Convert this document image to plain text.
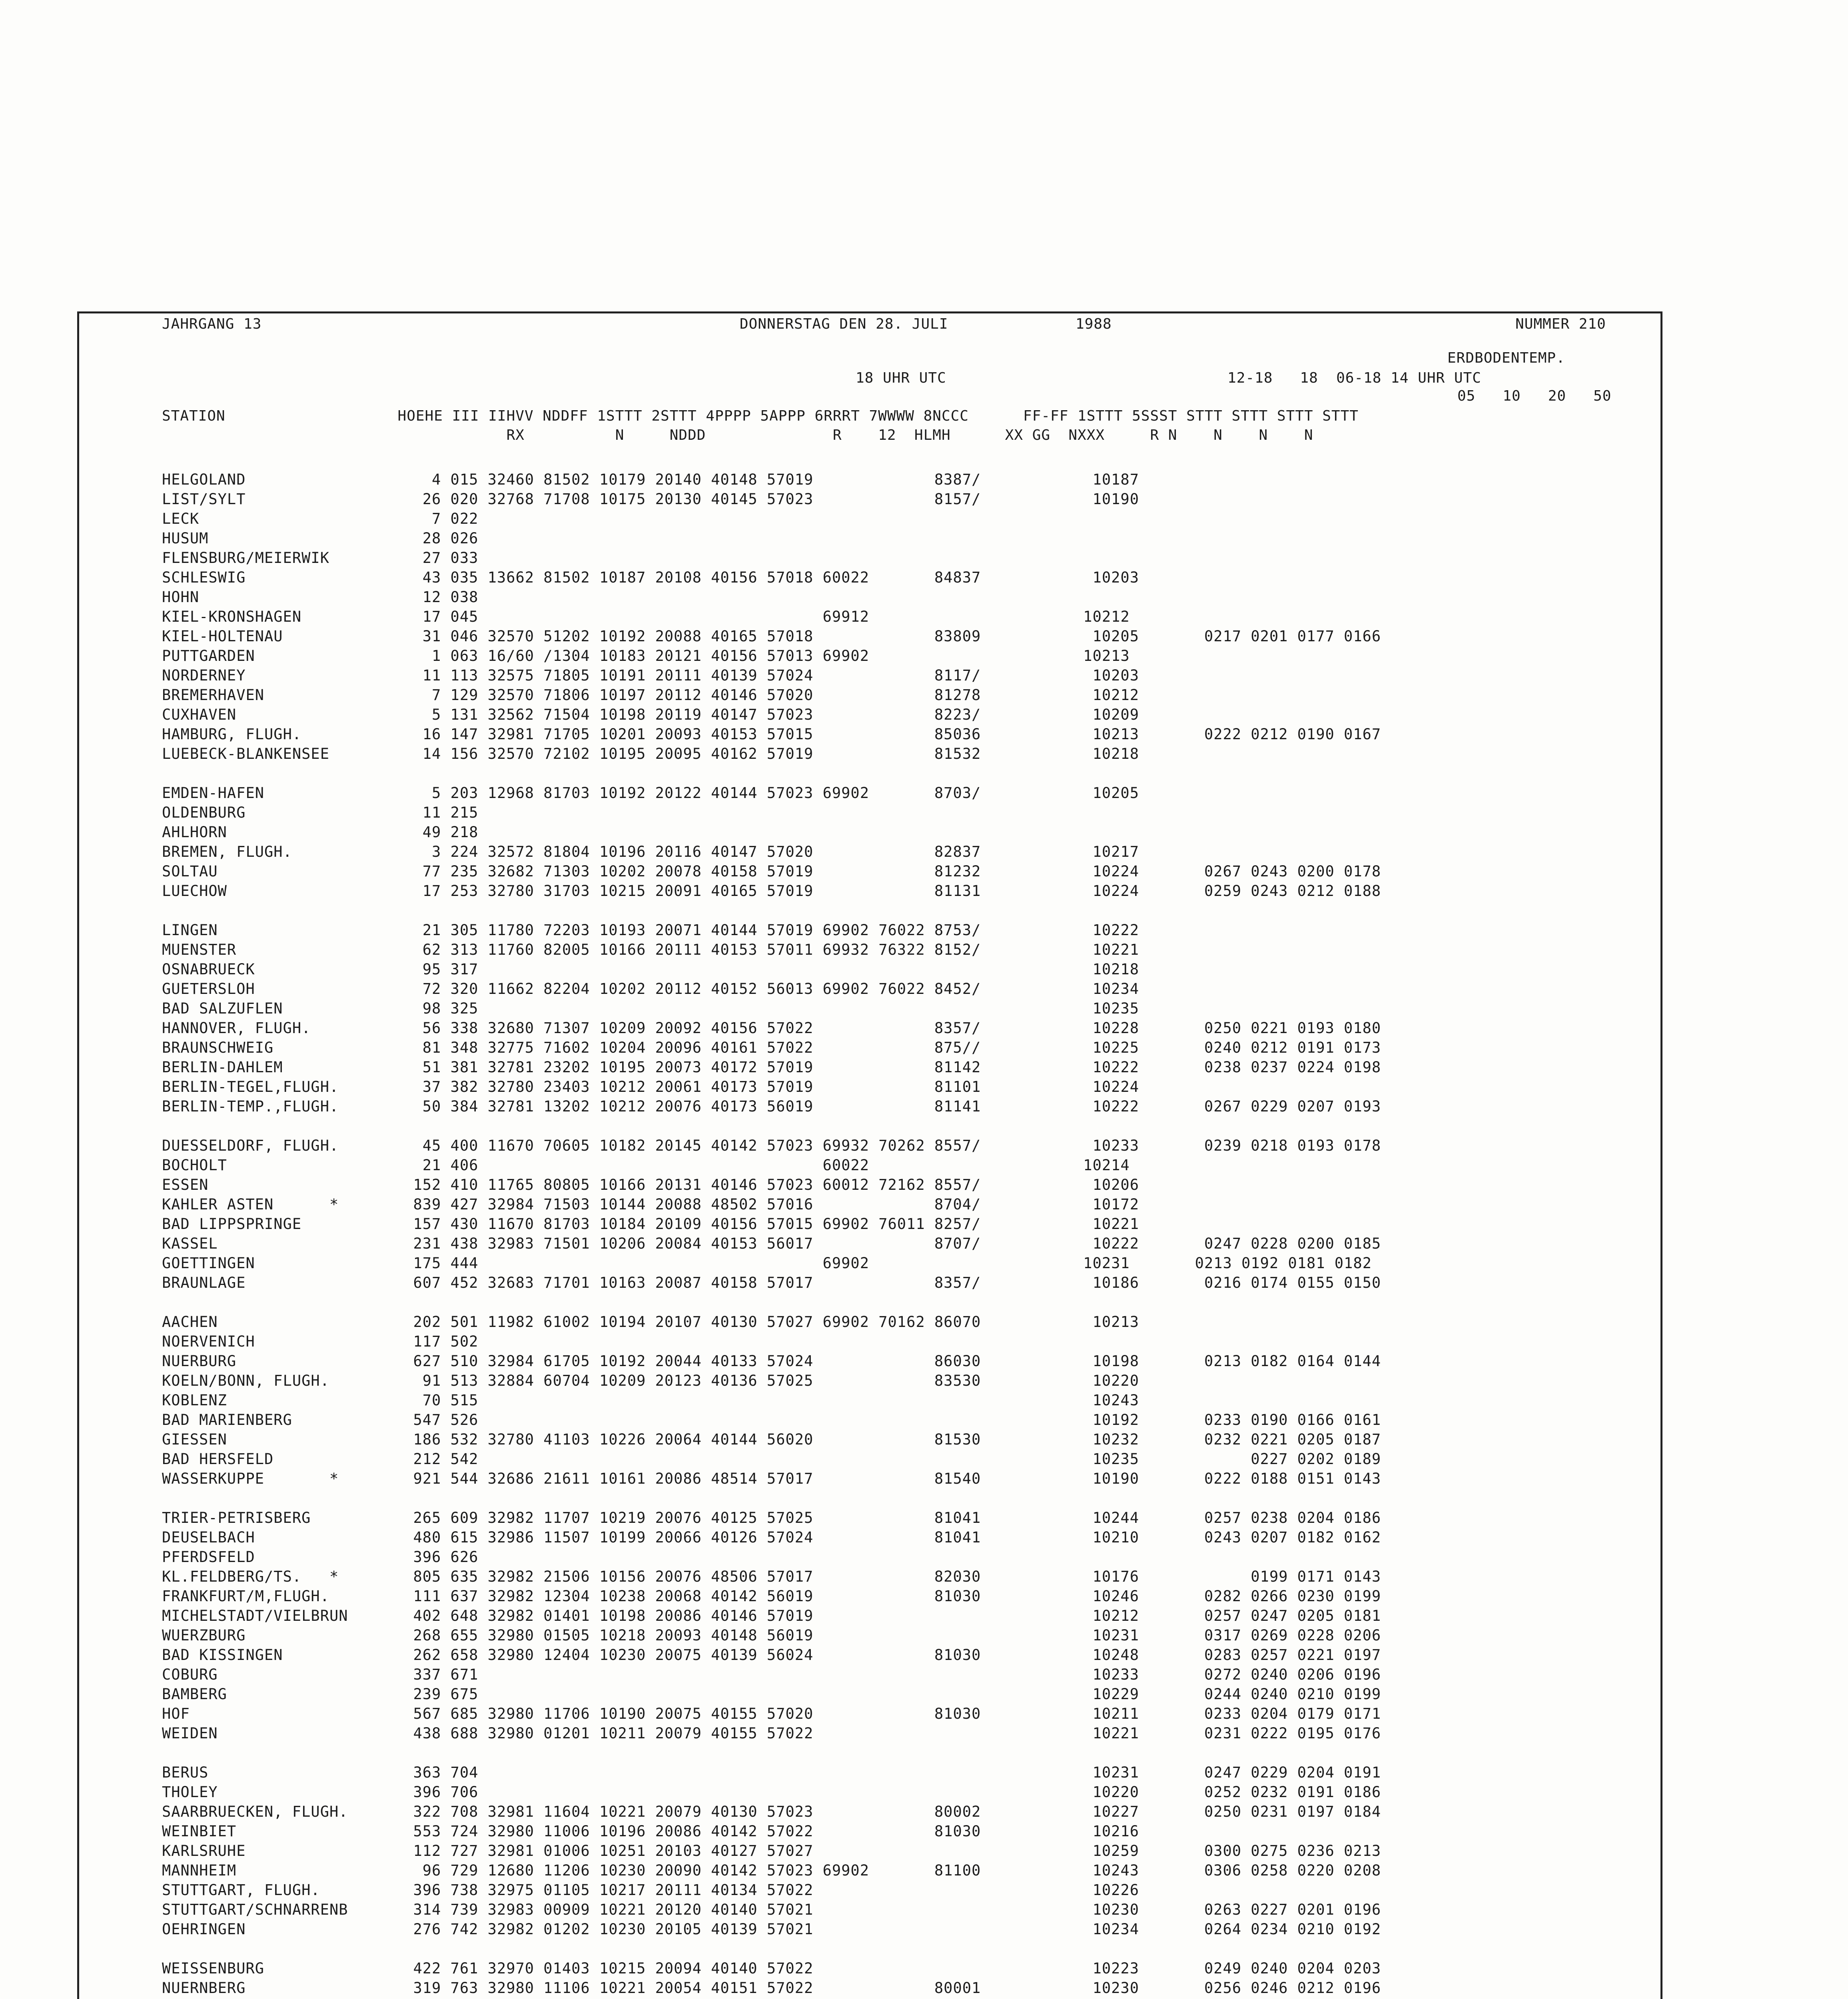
JAHRGANG 13	DONNERSTAG DEN 28. JULI	1988	NUMMER 210
ERDBODENTEMP.
18 UHR UTC	12-18   18  06-18 14 UHR UTC
05   10   20   50
STATION                   HOEHE III IIHVV NDDFF 1STTT 2STTT 4PPPP 5APPP 6RRRT 7WWWW 8NCCC      FF-FF 1STTT 5SSST STTT STTT STTT STTT
RX          N     NDDD              R    12  HLMH      XX GG  NXXX     R N    N    N    N
HELGOLAND                    4 015 32460 81502 10179 20140 40148 57019             8387/            10187
LIST/SYLT                   26 020 32768 71708 10175 20130 40145 57023             8157/            10190
LECK                         7 022
HUSUM                       28 026
FLENSBURG/MEIERWIK          27 033
SCHLESWIG                   43 035 13662 81502 10187 20108 40156 57018 60022       84837            10203
HOHN                        12 038
KIEL-KRONSHAGEN             17 045                                     69912                       10212
KIEL-HOLTENAU               31 046 32570 51202 10192 20088 40165 57018             83809            10205       0217 0201 0177 0166
PUTTGARDEN                   1 063 16/60 /1304 10183 20121 40156 57013 69902                       10213
NORDERNEY                   11 113 32575 71805 10191 20111 40139 57024             8117/            10203
BREMERHAVEN                  7 129 32570 71806 10197 20112 40146 57020             81278            10212
CUXHAVEN                     5 131 32562 71504 10198 20119 40147 57023             8223/            10209
HAMBURG, FLUGH.             16 147 32981 71705 10201 20093 40153 57015             85036            10213       0222 0212 0190 0167
LUEBECK-BLANKENSEE          14 156 32570 72102 10195 20095 40162 57019             81532            10218
EMDEN-HAFEN                  5 203 12968 81703 10192 20122 40144 57023 69902       8703/            10205
OLDENBURG                   11 215
AHLHORN                     49 218
BREMEN, FLUGH.               3 224 32572 81804 10196 20116 40147 57020             82837            10217
SOLTAU                      77 235 32682 71303 10202 20078 40158 57019             81232            10224       0267 0243 0200 0178
LUECHOW                     17 253 32780 31703 10215 20091 40165 57019             81131            10224       0259 0243 0212 0188
LINGEN                      21 305 11780 72203 10193 20071 40144 57019 69902 76022 8753/            10222
MUENSTER                    62 313 11760 82005 10166 20111 40153 57011 69932 76322 8152/            10221
OSNABRUECK                  95 317                                                                  10218
GUETERSLOH                  72 320 11662 82204 10202 20112 40152 56013 69902 76022 8452/            10234
BAD SALZUFLEN               98 325                                                                  10235
HANNOVER, FLUGH.            56 338 32680 71307 10209 20092 40156 57022             8357/            10228       0250 0221 0193 0180
BRAUNSCHWEIG                81 348 32775 71602 10204 20096 40161 57022             875//            10225       0240 0212 0191 0173
BERLIN-DAHLEM               51 381 32781 23202 10195 20073 40172 57019             81142            10222       0238 0237 0224 0198
BERLIN-TEGEL,FLUGH.         37 382 32780 23403 10212 20061 40173 57019             81101            10224
BERLIN-TEMP.,FLUGH.         50 384 32781 13202 10212 20076 40173 56019             81141            10222       0267 0229 0207 0193
DUESSELDORF, FLUGH.         45 400 11670 70605 10182 20145 40142 57023 69932 70262 8557/            10233       0239 0218 0193 0178
BOCHOLT                     21 406                                     60022                       10214
ESSEN                      152 410 11765 80805 10166 20131 40146 57023 60012 72162 8557/            10206
KAHLER ASTEN      *        839 427 32984 71503 10144 20088 48502 57016             8704/            10172
BAD LIPPSPRINGE            157 430 11670 81703 10184 20109 40156 57015 69902 76011 8257/            10221
KASSEL                     231 438 32983 71501 10206 20084 40153 56017             8707/            10222       0247 0228 0200 0185
GOETTINGEN                 175 444                                     69902                       10231       0213 0192 0181 0182
BRAUNLAGE                  607 452 32683 71701 10163 20087 40158 57017             8357/            10186       0216 0174 0155 0150
AACHEN                     202 501 11982 61002 10194 20107 40130 57027 69902 70162 86070            10213
NOERVENICH                 117 502
NUERBURG                   627 510 32984 61705 10192 20044 40133 57024             86030            10198       0213 0182 0164 0144
KOELN/BONN, FLUGH.          91 513 32884 60704 10209 20123 40136 57025             83530            10220
KOBLENZ                     70 515                                                                  10243
BAD MARIENBERG             547 526                                                                  10192       0233 0190 0166 0161
GIESSEN                    186 532 32780 41103 10226 20064 40144 56020             81530            10232       0232 0221 0205 0187
BAD HERSFELD               212 542                                                                  10235            0227 0202 0189
WASSERKUPPE       *        921 544 32686 21611 10161 20086 48514 57017             81540            10190       0222 0188 0151 0143
TRIER-PETRISBERG           265 609 32982 11707 10219 20076 40125 57025             81041            10244       0257 0238 0204 0186
DEUSELBACH                 480 615 32986 11507 10199 20066 40126 57024             81041            10210       0243 0207 0182 0162
PFERDSFELD                 396 626
KL.FELDBERG/TS.   *        805 635 32982 21506 10156 20076 48506 57017             82030            10176            0199 0171 0143
FRANKFURT/M,FLUGH.         111 637 32982 12304 10238 20068 40142 56019             81030            10246       0282 0266 0230 0199
MICHELSTADT/VIELBRUN       402 648 32982 01401 10198 20086 40146 57019                              10212       0257 0247 0205 0181
WUERZBURG                  268 655 32980 01505 10218 20093 40148 56019                              10231       0317 0269 0228 0206
BAD KISSINGEN              262 658 32980 12404 10230 20075 40139 56024             81030            10248       0283 0257 0221 0197
COBURG                     337 671                                                                  10233       0272 0240 0206 0196
BAMBERG                    239 675                                                                  10229       0244 0240 0210 0199
HOF                        567 685 32980 11706 10190 20075 40155 57020             81030            10211       0233 0204 0179 0171
WEIDEN                     438 688 32980 01201 10211 20079 40155 57022                              10221       0231 0222 0195 0176
BERUS                      363 704                                                                  10231       0247 0229 0204 0191
THOLEY                     396 706                                                                  10220       0252 0232 0191 0186
SAARBRUECKEN, FLUGH.       322 708 32981 11604 10221 20079 40130 57023             80002            10227       0250 0231 0197 0184
WEINBIET                   553 724 32980 11006 10196 20086 40142 57022             81030            10216
KARLSRUHE                  112 727 32981 01006 10251 20103 40127 57027                              10259       0300 0275 0236 0213
MANNHEIM                    96 729 12680 11206 10230 20090 40142 57023 69902       81100            10243       0306 0258 0220 0208
STUTTGART, FLUGH.          396 738 32975 01105 10217 20111 40134 57022                              10226
STUTTGART/SCHNARRENB       314 739 32983 00909 10221 20120 40140 57021                              10230       0263 0227 0201 0196
OEHRINGEN                  276 742 32982 01202 10230 20105 40139 57021                              10234       0264 0234 0210 0192
WEISSENBURG                422 761 32970 01403 10215 20094 40140 57022                              10223       0249 0240 0204 0203
NUERNBERG                  319 763 32980 11106 10221 20054 40151 57022             80001            10230       0256 0246 0212 0196
